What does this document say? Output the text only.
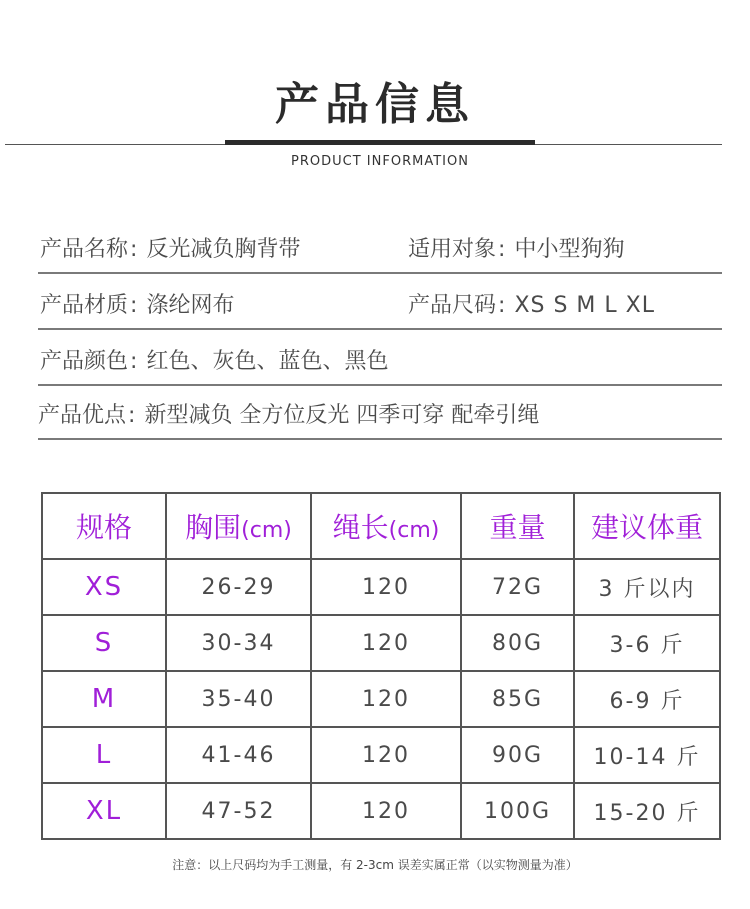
产品信息
PRODUCT INFORMATION
产品名称: 反光减负胸背带	适用对象: 中小型狗狗
产品材质: 涤纶网布	产品尺码: XS S M L XL
产品颜色: 红色、灰色、蓝色、黑色
产品优点: 新型减负 全方位反光 四季可穿 配牵引绳
规格	胸围(cm)	绳长(cm)	重量	建议体重
XS	26-29	120	72G	3 斤以内
S	30-34	120	80G	3-6 斤
M	35-40	120	85G	6-9 斤
L	41-46	120	90G	10-14 斤
XL	47-52	120	100G	15-20 斤
注意：以上尺码均为手工测量，有 2-3cm 误差实属正常（以实物测量为准）
